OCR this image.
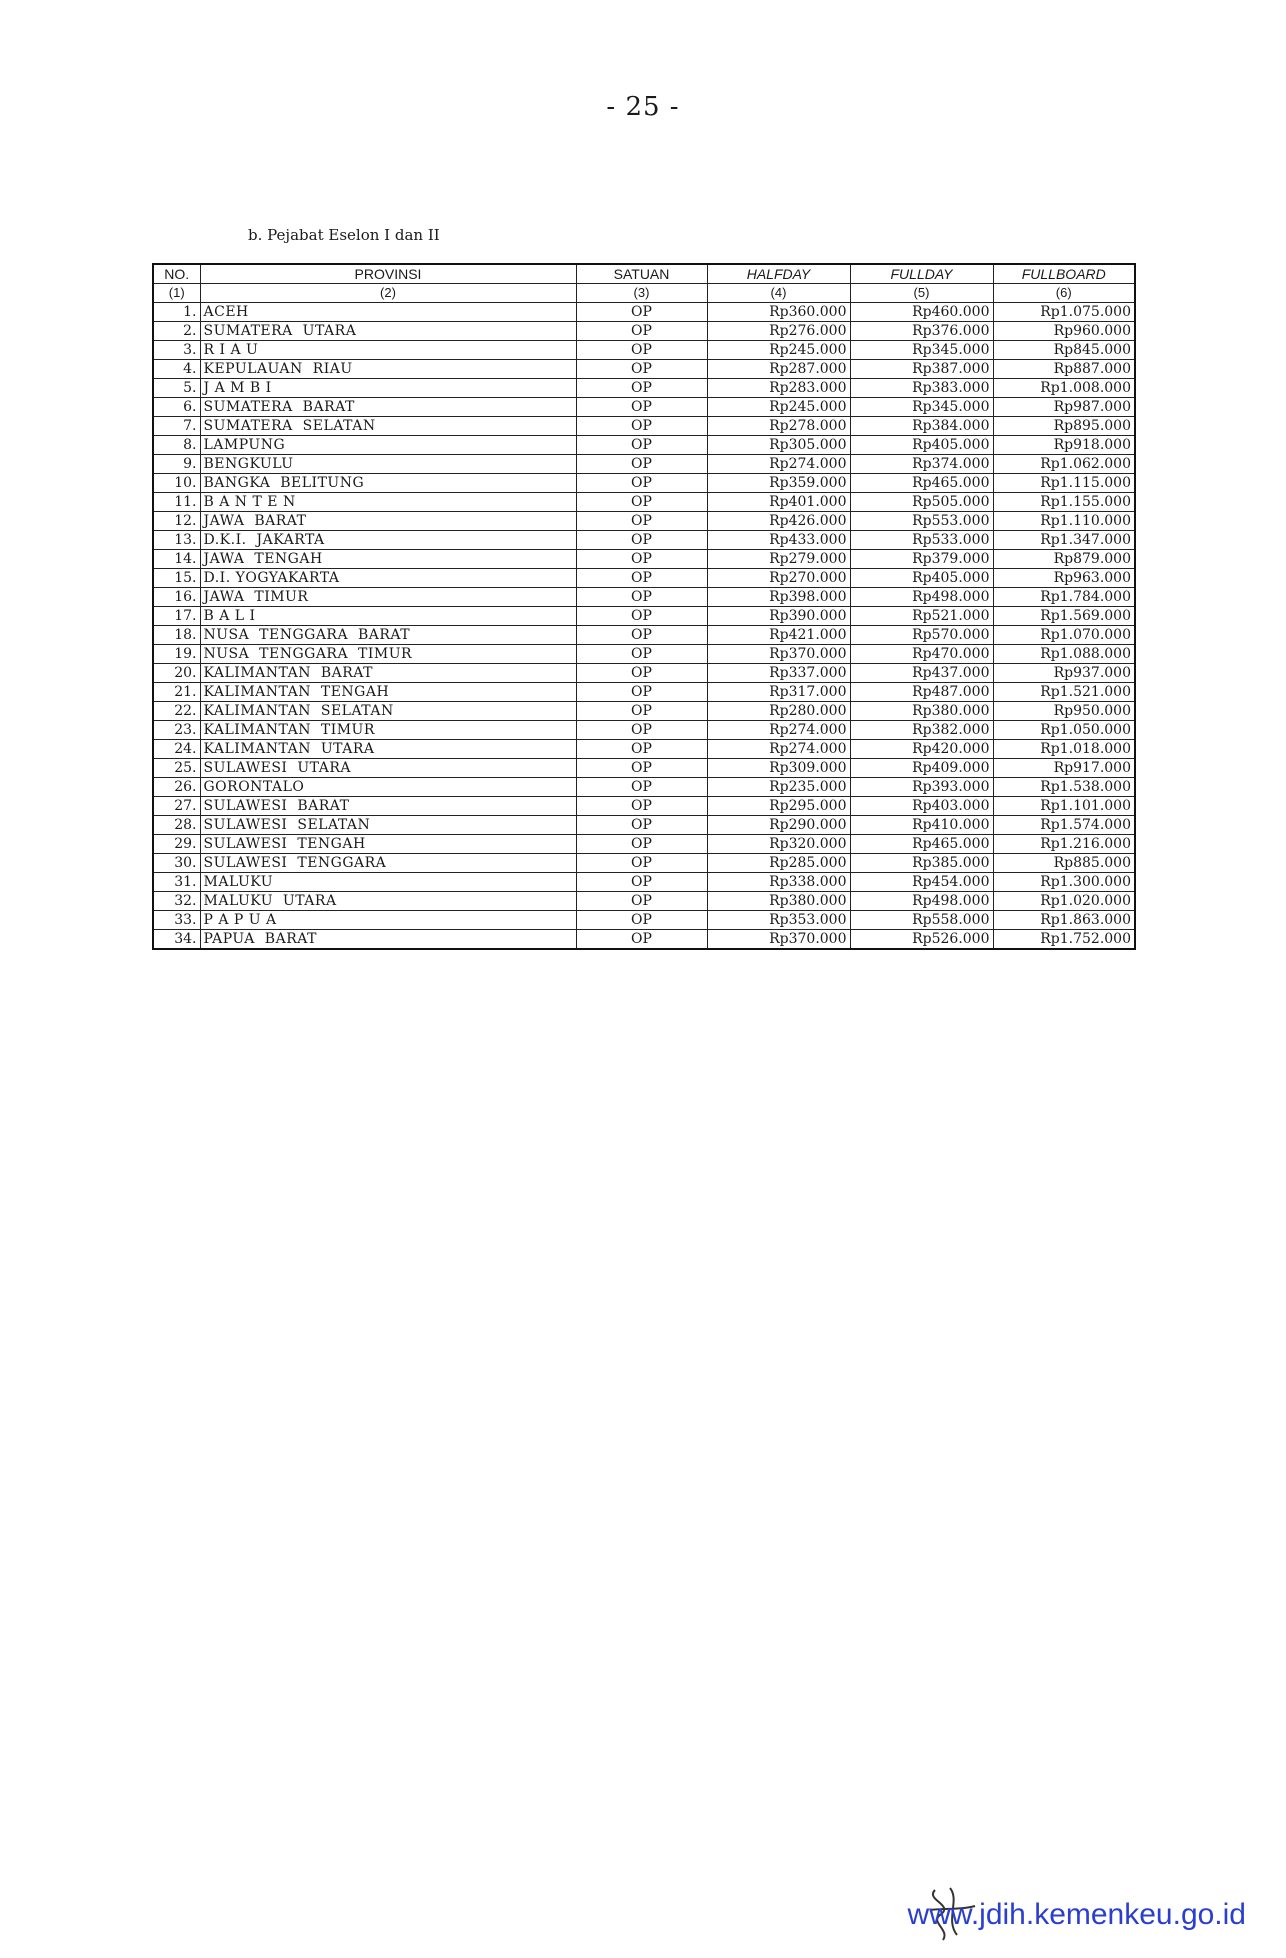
- 25 -
b. Pejabat Eselon I dan II
NO.	PROVINSI	SATUAN	HALFDAY	FULLDAY	FULLBOARD
(1)	(2)	(3)	(4)	(5)	(6)
1.	ACEH	OP	Rp360.000	Rp460.000	Rp1.075.000
2.	SUMATERA  UTARA	OP	Rp276.000	Rp376.000	Rp960.000
3.	R I A U	OP	Rp245.000	Rp345.000	Rp845.000
4.	KEPULAUAN  RIAU	OP	Rp287.000	Rp387.000	Rp887.000
5.	J A M B I	OP	Rp283.000	Rp383.000	Rp1.008.000
6.	SUMATERA  BARAT	OP	Rp245.000	Rp345.000	Rp987.000
7.	SUMATERA  SELATAN	OP	Rp278.000	Rp384.000	Rp895.000
8.	LAMPUNG	OP	Rp305.000	Rp405.000	Rp918.000
9.	BENGKULU	OP	Rp274.000	Rp374.000	Rp1.062.000
10.	BANGKA  BELITUNG	OP	Rp359.000	Rp465.000	Rp1.115.000
11.	B A N T E N	OP	Rp401.000	Rp505.000	Rp1.155.000
12.	JAWA  BARAT	OP	Rp426.000	Rp553.000	Rp1.110.000
13.	D.K.I.  JAKARTA	OP	Rp433.000	Rp533.000	Rp1.347.000
14.	JAWA  TENGAH	OP	Rp279.000	Rp379.000	Rp879.000
15.	D.I. YOGYAKARTA	OP	Rp270.000	Rp405.000	Rp963.000
16.	JAWA  TIMUR	OP	Rp398.000	Rp498.000	Rp1.784.000
17.	B A L I	OP	Rp390.000	Rp521.000	Rp1.569.000
18.	NUSA  TENGGARA  BARAT	OP	Rp421.000	Rp570.000	Rp1.070.000
19.	NUSA  TENGGARA  TIMUR	OP	Rp370.000	Rp470.000	Rp1.088.000
20.	KALIMANTAN  BARAT	OP	Rp337.000	Rp437.000	Rp937.000
21.	KALIMANTAN  TENGAH	OP	Rp317.000	Rp487.000	Rp1.521.000
22.	KALIMANTAN  SELATAN	OP	Rp280.000	Rp380.000	Rp950.000
23.	KALIMANTAN  TIMUR	OP	Rp274.000	Rp382.000	Rp1.050.000
24.	KALIMANTAN  UTARA	OP	Rp274.000	Rp420.000	Rp1.018.000
25.	SULAWESI  UTARA	OP	Rp309.000	Rp409.000	Rp917.000
26.	GORONTALO	OP	Rp235.000	Rp393.000	Rp1.538.000
27.	SULAWESI  BARAT	OP	Rp295.000	Rp403.000	Rp1.101.000
28.	SULAWESI  SELATAN	OP	Rp290.000	Rp410.000	Rp1.574.000
29.	SULAWESI  TENGAH	OP	Rp320.000	Rp465.000	Rp1.216.000
30.	SULAWESI  TENGGARA	OP	Rp285.000	Rp385.000	Rp885.000
31.	MALUKU	OP	Rp338.000	Rp454.000	Rp1.300.000
32.	MALUKU  UTARA	OP	Rp380.000	Rp498.000	Rp1.020.000
33.	P A P U A	OP	Rp353.000	Rp558.000	Rp1.863.000
34.	PAPUA  BARAT	OP	Rp370.000	Rp526.000	Rp1.752.000
www.jdih.kemenkeu.go.id
